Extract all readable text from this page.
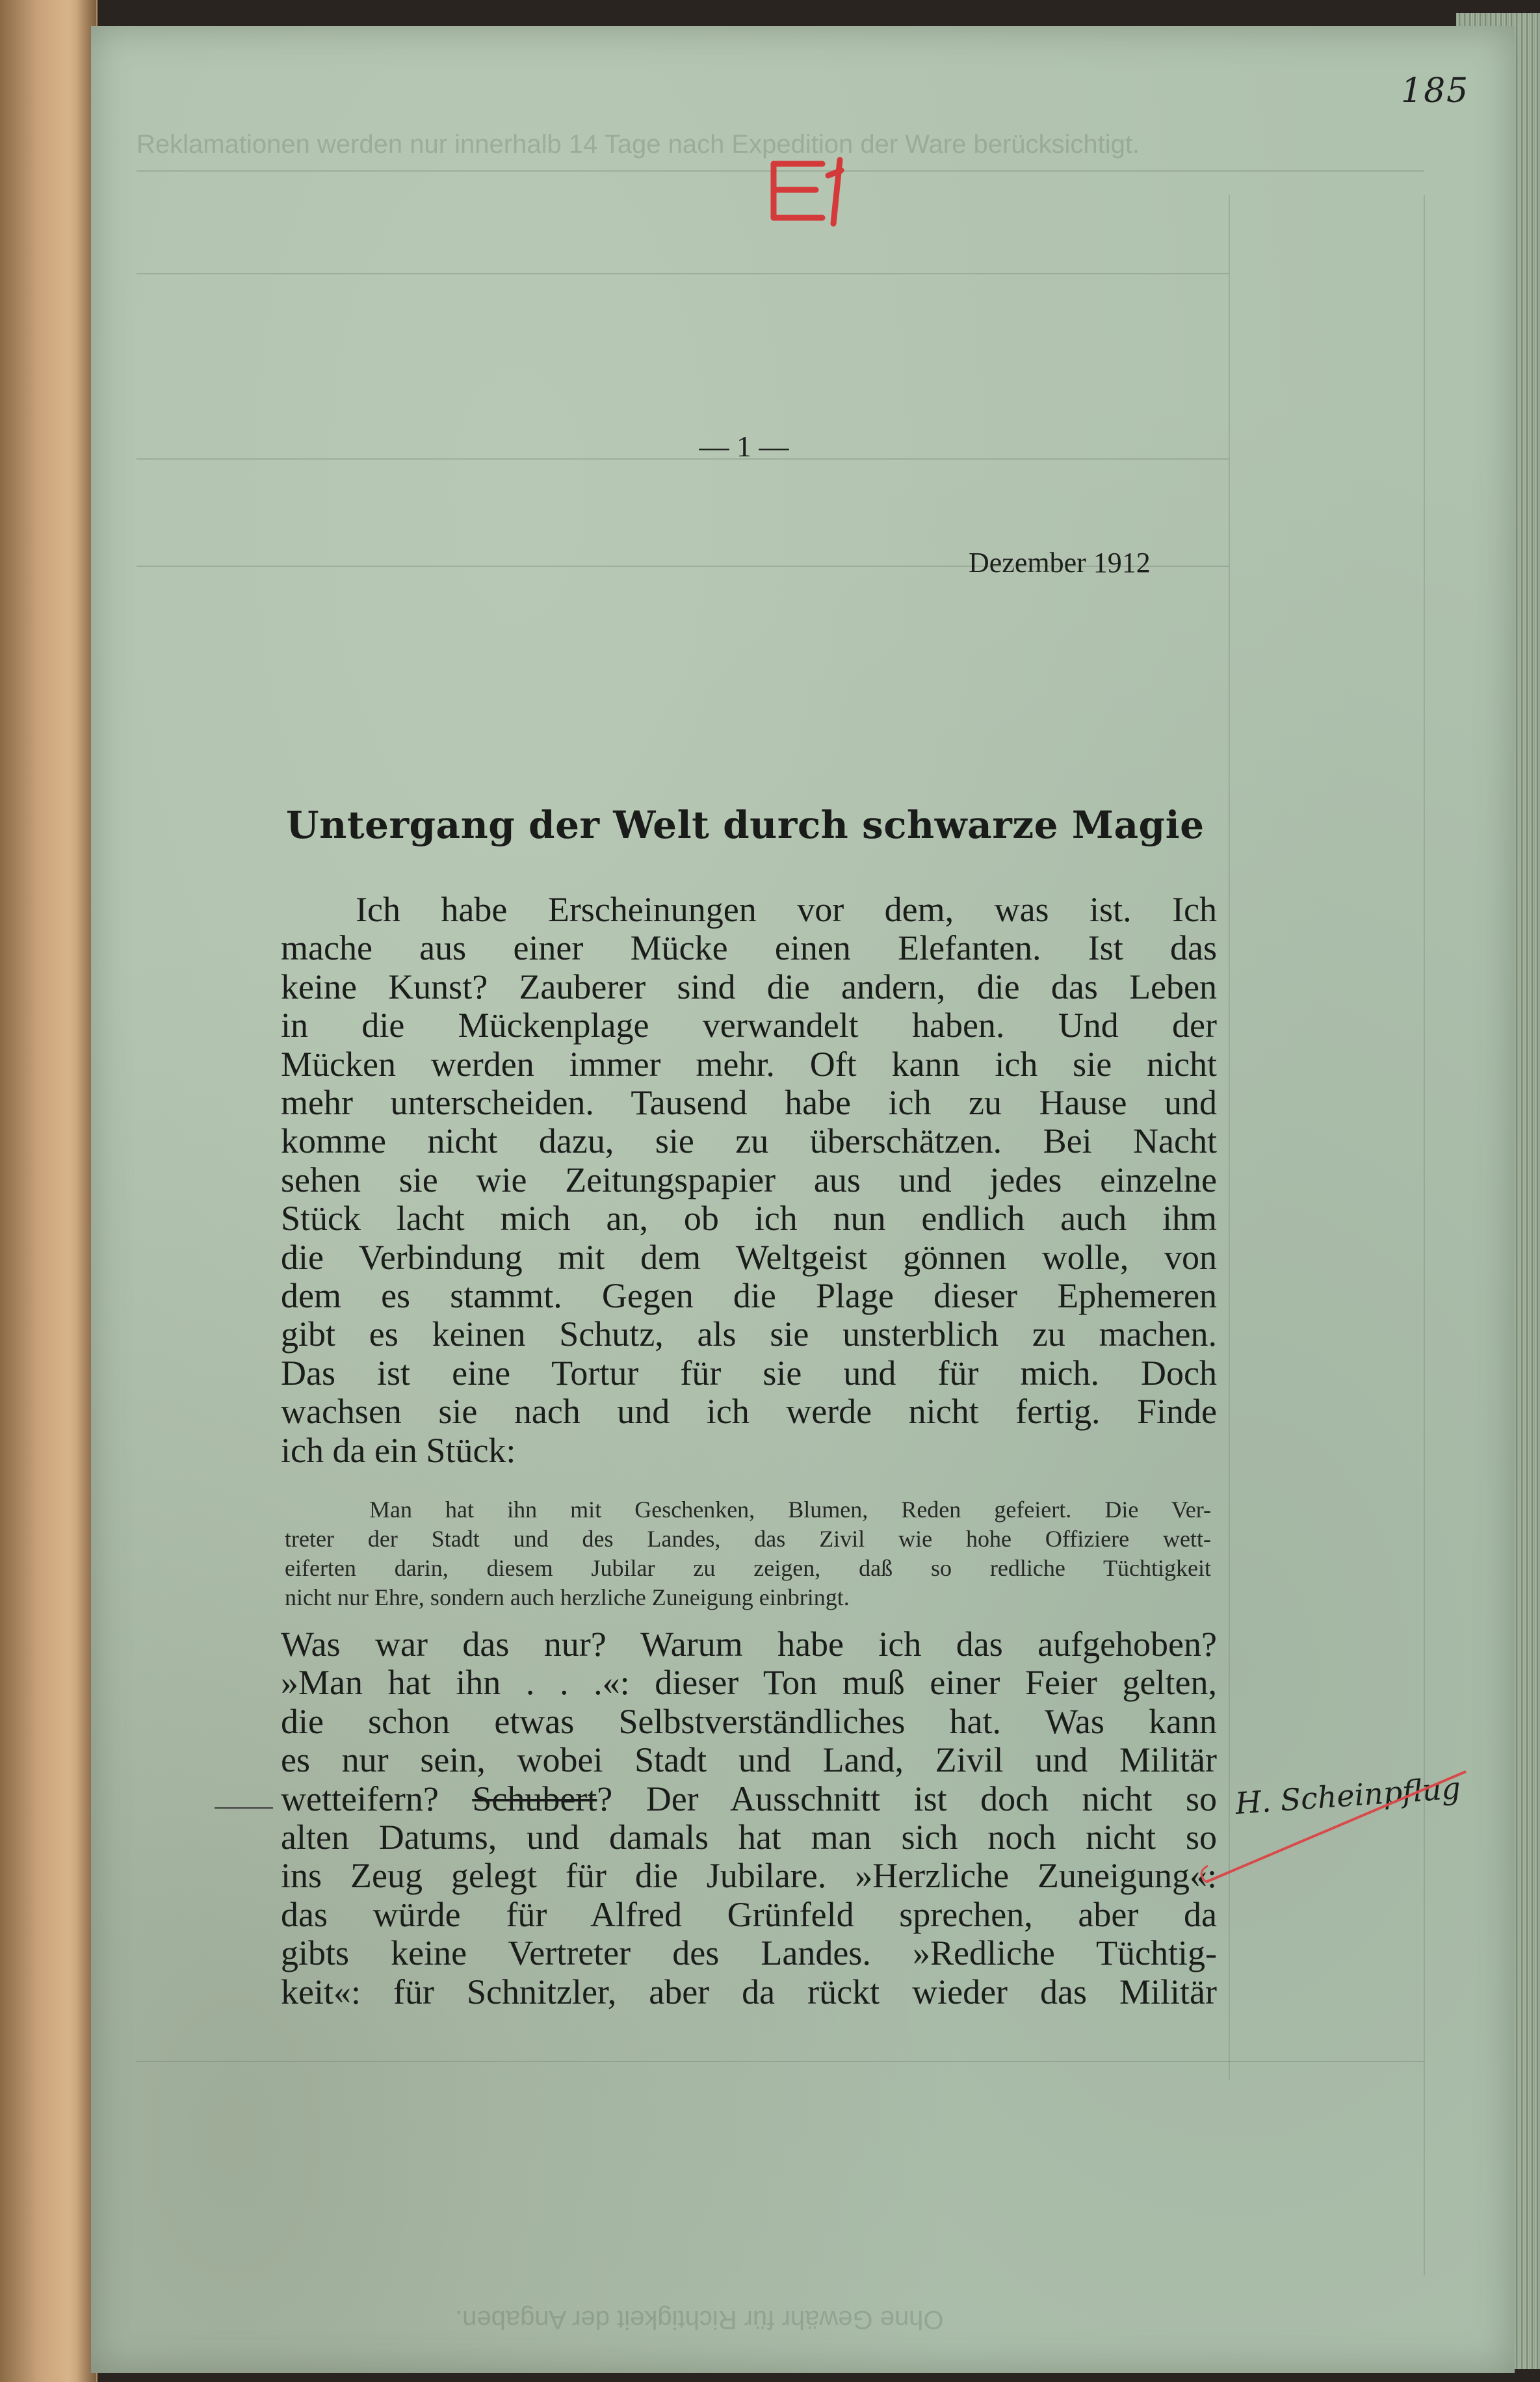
Reklamationen werden nur innerhalb 14 Tage nach Expedition der Ware berücksichtigt.
Ohne Gewähr für Richtigkeit der Angaben.
185
— 1 —
Dezember 1912
Untergang der Welt durch schwarze Magie
Ich habe Erscheinungen vor dem, was ist. Ich
mache aus einer Mücke einen Elefanten. Ist das
keine Kunst? Zauberer sind die andern, die das Leben
in die Mückenplage verwandelt haben. Und der
Mücken werden immer mehr. Oft kann ich sie nicht
mehr unterscheiden. Tausend habe ich zu Hause und
komme nicht dazu, sie zu überschätzen. Bei Nacht
sehen sie wie Zeitungspapier aus und jedes einzelne
Stück lacht mich an, ob ich nun endlich auch ihm
die Verbindung mit dem Weltgeist gönnen wolle, von
dem es stammt. Gegen die Plage dieser Ephemeren
gibt es keinen Schutz, als sie unsterblich zu machen.
Das ist eine Tortur für sie und für mich. Doch
wachsen sie nach und ich werde nicht fertig. Finde
ich da ein Stück:
Man hat ihn mit Geschenken, Blumen, Reden gefeiert. Die Ver-
treter der Stadt und des Landes, das Zivil wie hohe Offiziere wett-
eiferten darin, diesem Jubilar zu zeigen, daß so redliche Tüchtigkeit
nicht nur Ehre, sondern auch herzliche Zuneigung einbringt.
Was war das nur? Warum habe ich das aufgehoben?
»Man hat ihn . . .«: dieser Ton muß einer Feier gelten,
die schon etwas Selbstverständliches hat. Was kann
es nur sein, wobei Stadt und Land, Zivil und Militär
wetteifern? Schubert? Der Ausschnitt ist doch nicht so
alten Datums, und damals hat man sich noch nicht so
ins Zeug gelegt für die Jubilare. »Herzliche Zuneigung«:
das würde für Alfred Grünfeld sprechen, aber da
gibts keine Vertreter des Landes. »Redliche Tüchtig-
keit«: für Schnitzler, aber da rückt wieder das Militär
H. Scheinpflug
